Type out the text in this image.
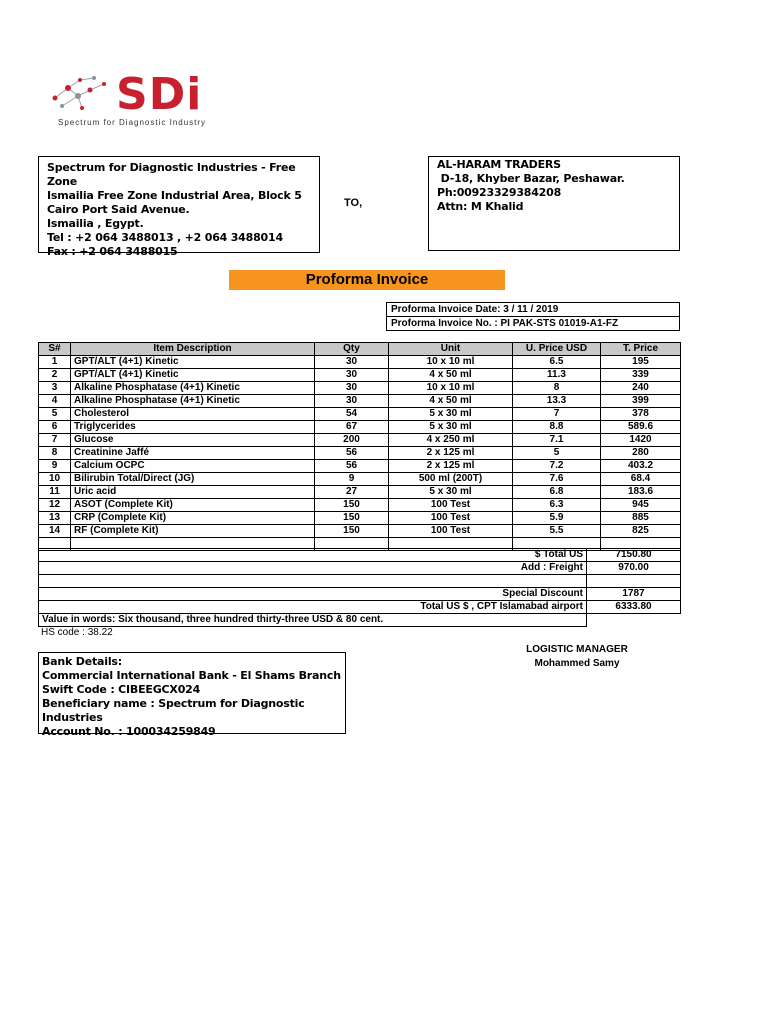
SDi
Spectrum for Diagnostic Industry
Spectrum for Diagnostic Industries - Free Zone
Ismailia Free Zone Industrial Area, Block 5
Cairo Port Said Avenue.
Ismailia , Egypt.
Tel : +2 064 3488013 , +2 064 3488014
Fax : +2 064 3488015
TO,
AL-HARAM TRADERS
D-18, Khyber Bazar, Peshawar.
Ph:00923329384208
Attn: M Khalid
Proforma Invoice
Proforma Invoice Date: 3 / 11 / 2019
Proforma Invoice No. : PI PAK-STS 01019-A1-FZ
S#	Item Description	Qty	Unit	U. Price USD	T. Price
1	GPT/ALT (4+1) Kinetic	30	10 x 10 ml	6.5	195
2	GPT/ALT (4+1) Kinetic	30	4 x 50 ml	11.3	339
3	Alkaline Phosphatase (4+1) Kinetic	30	10 x 10 ml	8	240
4	Alkaline Phosphatase (4+1) Kinetic	30	4 x 50 ml	13.3	399
5	Cholesterol	54	5 x 30 ml	7	378
6	Triglycerides	67	5 x 30 ml	8.8	589.6
7	Glucose	200	4 x 250 ml	7.1	1420
8	Creatinine Jaffé	56	2 x 125 ml	5	280
9	Calcium OCPC	56	2 x 125 ml	7.2	403.2
10	Bilirubin Total/Direct (JG)	9	500 ml (200T)	7.6	68.4
11	Uric acid	27	5 x 30 ml	6.8	183.6
12	ASOT (Complete Kit)	150	100 Test	6.3	945
13	CRP (Complete Kit)	150	100 Test	5.9	885
14	RF (Complete Kit)	150	100 Test	5.5	825

$ Total US	7150.80
Add : Freight	970.00

Special Discount	1787
Total US $ , CPT Islamabad airport	6333.80
Value in words: Six thousand, three hundred thirty-three USD & 80 cent.	
HS code : 38.22
LOGISTIC MANAGER
Mohammed Samy
Bank Details:
Commercial International Bank - El Shams Branch
Swift Code : CIBEEGCX024
Beneficiary name : Spectrum for Diagnostic Industries
Account No. : 100034259849
